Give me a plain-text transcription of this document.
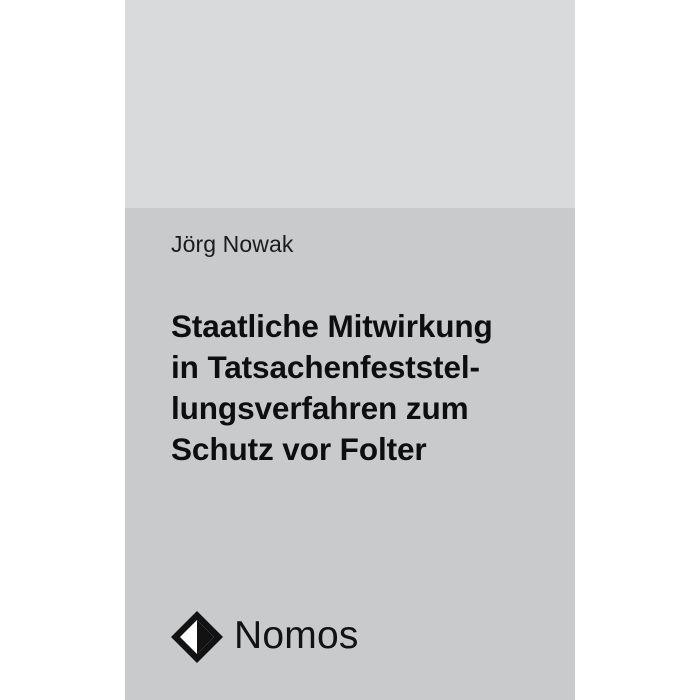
Jörg Nowak
Staatliche Mitwirkung
in Tatsachenfeststel-
lungsverfahren zum
Schutz vor Folter
Nomos
